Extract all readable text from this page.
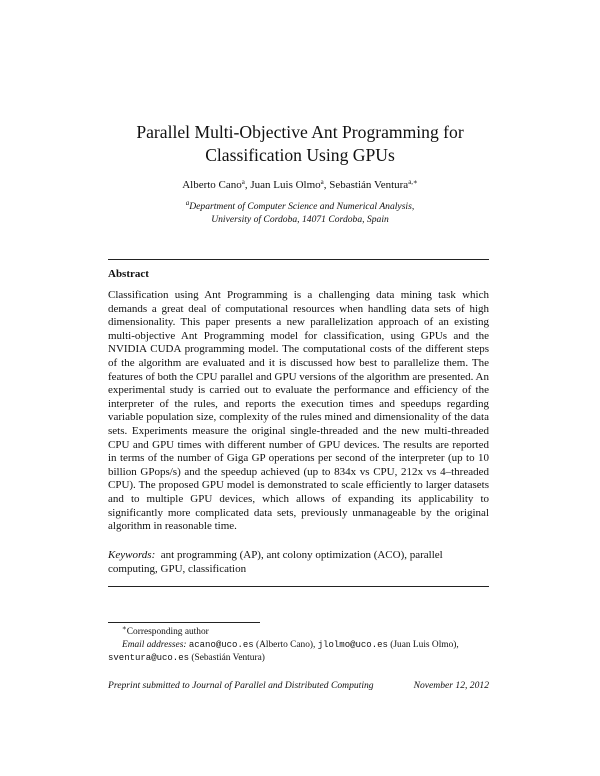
Parallel Multi-Objective Ant Programming for
Classification Using GPUs
Alberto Cano$^a$, Juan Luis Olmo$^a$, Sebastián Ventura$^{a,∗}$
$^a$Department of Computer Science and Numerical Analysis,
University of Cordoba, 14071 Cordoba, Spain
Abstract
Classification using Ant Programming is a challenging data mining task which demands a great deal of computational resources when handling data sets of high dimensionality. This paper presents a new parallelization approach of an existing multi-objective Ant Programming model for classification, using GPUs and the NVIDIA CUDA programming model. The computational costs of the different steps of the algorithm are evaluated and it is discussed how best to parallelize them. The features of both the CPU parallel and GPU versions of the algorithm are presented. An experimental study is carried out to evaluate the performance and efficiency of the interpreter of the rules, and reports the execution times and speedups regarding variable population size, complexity of the rules mined and dimensionality of the data sets. Experiments measure the original single-threaded and the new multi-threaded CPU and GPU times with different number of GPU devices. The results are reported in terms of the number of Giga GP operations per second of the interpreter (up to 10 billion GPops/s) and the speedup achieved (up to 834x vs CPU, 212x vs 4–threaded CPU). The proposed GPU model is demonstrated to scale efficiently to larger datasets and to multiple GPU devices, which allows of expanding its applicability to significantly more complicated data sets, previously unmanageable by the original algorithm in reasonable time.
Keywords: ant programming (AP), ant colony optimization (ACO), parallel computing, GPU, classification
∗Corresponding author
Email addresses: acano@uco.es (Alberto Cano), jlolmo@uco.es (Juan Luis Olmo),
sventura@uco.es (Sebastián Ventura)
November 12, 2012
Preprint submitted to Journal of Parallel and Distributed Computing
